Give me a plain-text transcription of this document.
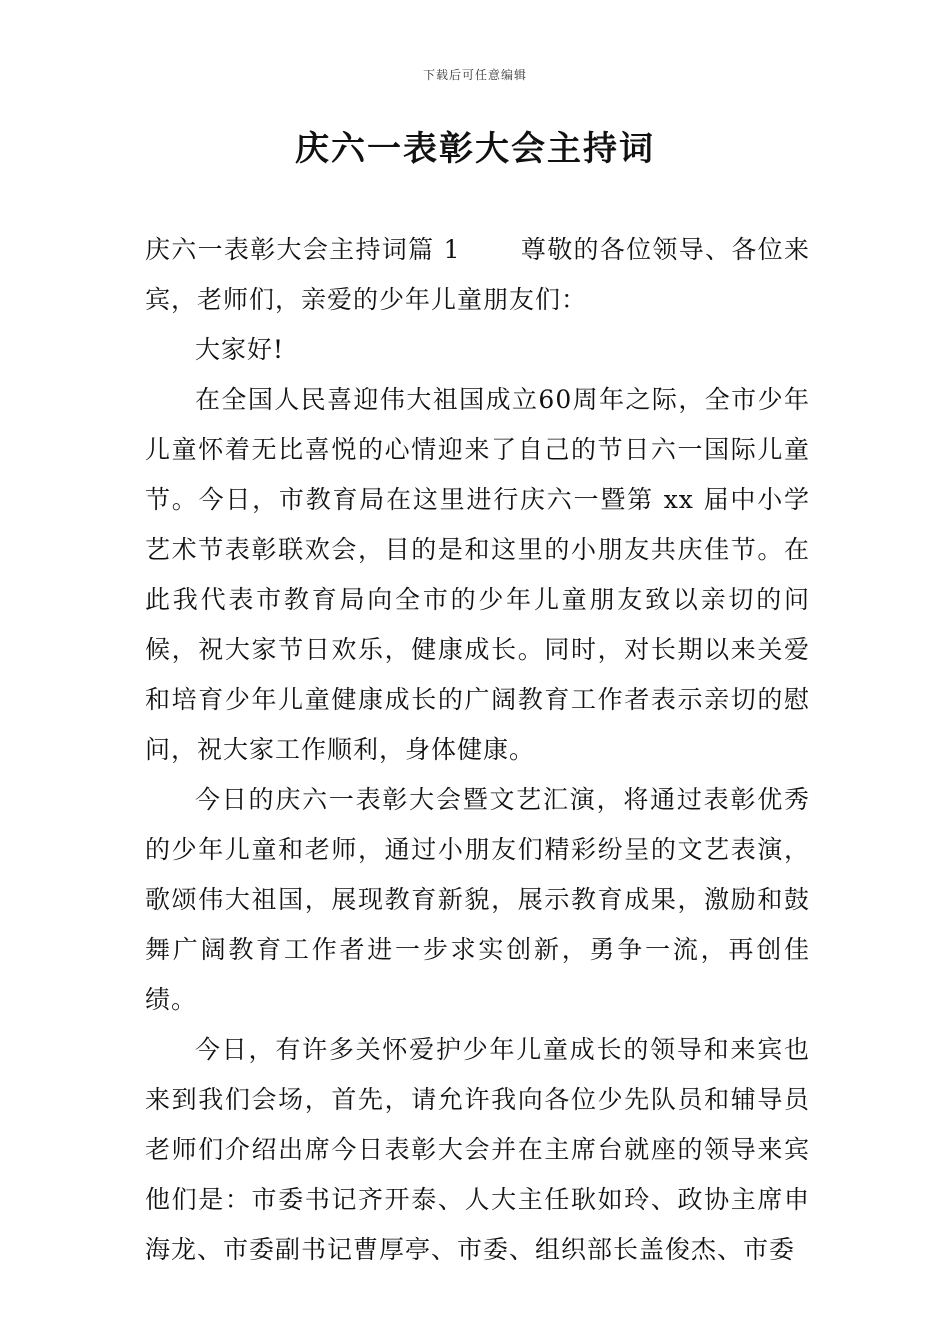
下载后可任意编辑
庆六一表彰大会主持词

庆六一表彰大会主持词篇 1 尊敬的各位领导、各位来宾，老师们，亲爱的少年儿童朋友们：

大家好!

在全国人民喜迎伟大祖国成立60周年之际，全市少年儿童怀着无比喜悦的心情迎来了自己的节日六一国际儿童节。今日，市教育局在这里进行庆六一暨第 xx 届中小学艺术节表彰联欢会，目的是和这里的小朋友共庆佳节。在此我代表市教育局向全市的少年儿童朋友致以亲切的问候，祝大家节日欢乐，健康成长。同时，对长期以来关爱和培育少年儿童健康成长的广阔教育工作者表示亲切的慰问，祝大家工作顺利，身体健康。

今日的庆六一表彰大会暨文艺汇演，将通过表彰优秀的少年儿童和老师，通过小朋友们精彩纷呈的文艺表演，歌颂伟大祖国，展现教育新貌，展示教育成果，激励和鼓舞广阔教育工作者进一步求实创新，勇争一流，再创佳绩。

今日，有许多关怀爱护少年儿童成长的领导和来宾也来到我们会场，首先，请允许我向各位少先队员和辅导员老师们介绍出席今日表彰大会并在主席台就座的领导来宾他们是：市委书记齐开泰、人大主任耿如玲、政协主席申海龙、市委副书记曹厚亭、市委、组织部长盖俊杰、市委
